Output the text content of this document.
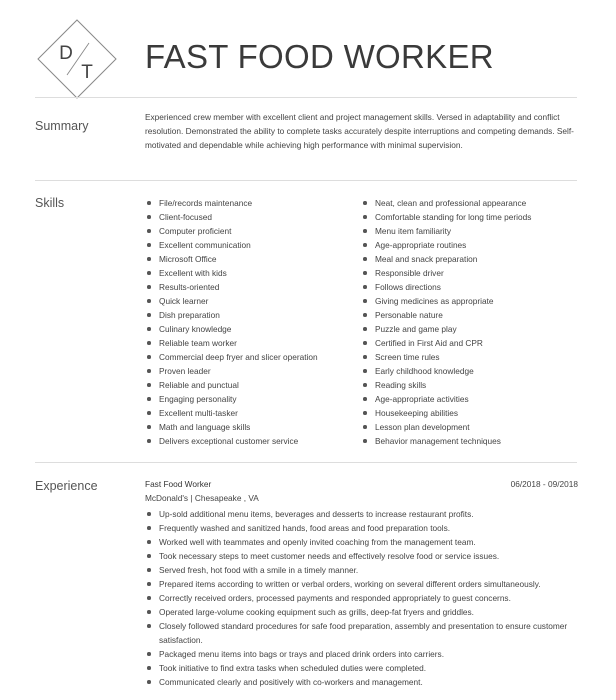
D
T FAST FOOD WORKER
Summary

Experienced crew member with excellent client and project management skills. Versed in adaptability and conflict resolution. Demonstrated the ability to complete tasks accurately despite interruptions and competing demands. Self-motivated and dependable while achieving high performance with minimal supervision.

Skills	File/records maintenance
Client-focused
Computer proficient
Excellent communication
Microsoft Office
Excellent with kids
Results-oriented
Quick learner
Dish preparation
Culinary knowledge
Reliable team worker
Commercial deep fryer and slicer operation
Proven leader
Reliable and punctual
Engaging personality
Excellent multi-tasker
Math and language skills
Delivers exceptional customer service
Neat, clean and professional appearance
Comfortable standing for long time periods
Menu item familiarity
Age-appropriate routines
Meal and snack preparation
Responsible driver
Follows directions
Giving medicines as appropriate
Personable nature
Puzzle and game play
Certified in First Aid and CPR
Screen time rules
Early childhood knowledge
Reading skills
Age-appropriate activities
Housekeeping abilities
Lesson plan development
Behavior management techniques
Experience	Fast Food Worker	06/2018 - 09/2018
McDonald's | Chesapeake , VA
Up-sold additional menu items, beverages and desserts to increase restaurant profits.
Frequently washed and sanitized hands, food areas and food preparation tools.
Worked well with teammates and openly invited coaching from the management team.
Took necessary steps to meet customer needs and effectively resolve food or service issues.
Served fresh, hot food with a smile in a timely manner.
Prepared items according to written or verbal orders, working on several different orders simultaneously.
Correctly received orders, processed payments and responded appropriately to guest concerns.
Operated large-volume cooking equipment such as grills, deep-fat fryers and griddles.
Closely followed standard procedures for safe food preparation, assembly and presentation to ensure customer satisfaction.
Packaged menu items into bags or trays and placed drink orders into carriers.
Took initiative to find extra tasks when scheduled duties were completed.
Communicated clearly and positively with co-workers and management.
